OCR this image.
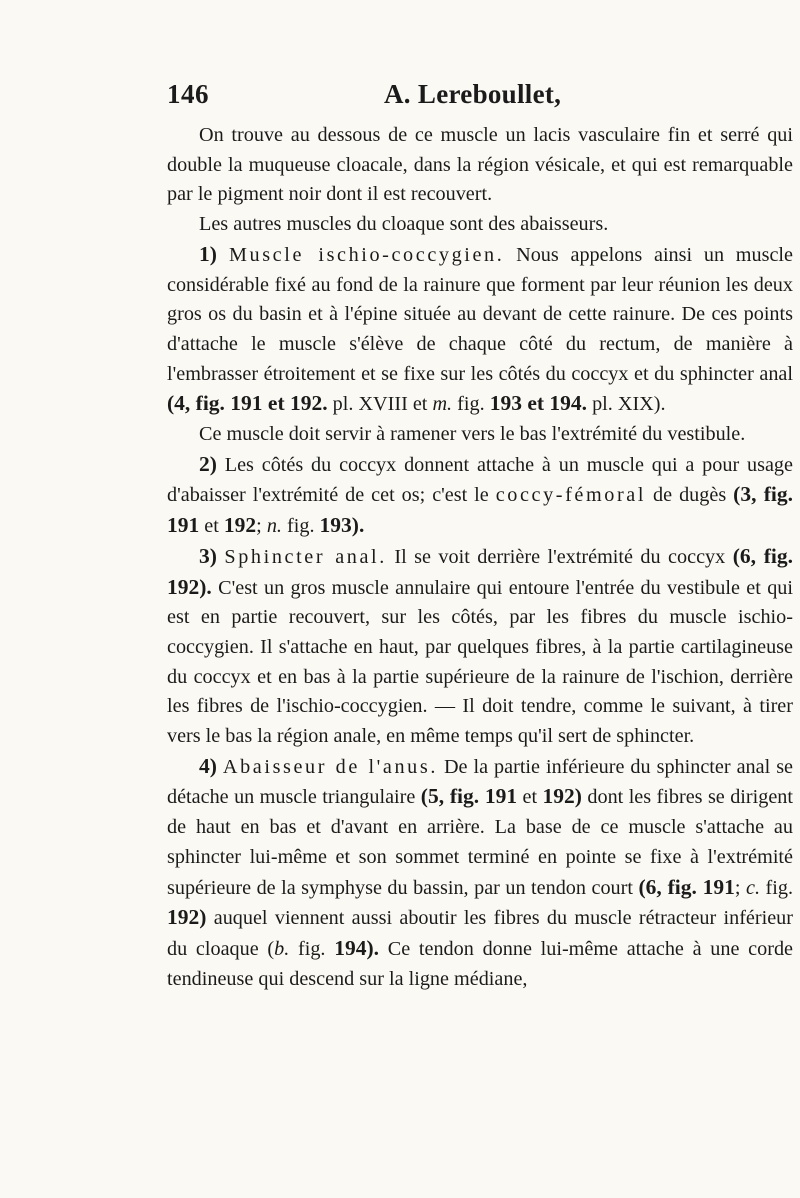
146	A. Lereboullet,

On trouve au dessous de ce muscle un lacis vasculaire fin et serré qui double la muqueuse cloacale, dans la région vésicale, et qui est remarquable par le pigment noir dont il est recouvert.

Les autres muscles du cloaque sont des abaisseurs.

1) Muscle ischio-coccygien. Nous appelons ainsi un muscle considérable fixé au fond de la rainure que forment par leur réunion les deux gros os du basin et à l'épine située au devant de cette rainure. De ces points d'attache le muscle s'élève de chaque côté du rectum, de manière à l'embrasser étroitement et se fixe sur les côtés du coccyx et du sphincter anal (4, fig. 191 et 192. pl. XVIII et m. fig. 193 et 194. pl. XIX).

Ce muscle doit servir à ramener vers le bas l'extrémité du vestibule.

2) Les côtés du coccyx donnent attache à un muscle qui a pour usage d'abaisser l'extrémité de cet os; c'est le coccy-fémoral de dugès (3, fig. 191 et 192; n. fig. 193).

3) Sphincter anal. Il se voit derrière l'extrémité du coccyx (6, fig. 192). C'est un gros muscle annulaire qui entoure l'entrée du vestibule et qui est en partie recouvert, sur les côtés, par les fibres du muscle ischio-coccygien. Il s'attache en haut, par quelques fibres, à la partie cartilagineuse du coccyx et en bas à la partie supérieure de la rainure de l'ischion, derrière les fibres de l'ischio-coccygien. — Il doit tendre, comme le suivant, à tirer vers le bas la région anale, en même temps qu'il sert de sphincter.

4) Abaisseur de l'anus. De la partie inférieure du sphincter anal se détache un muscle triangulaire (5, fig. 191 et 192) dont les fibres se dirigent de haut en bas et d'avant en arrière. La base de ce muscle s'attache au sphincter lui-même et son sommet terminé en pointe se fixe à l'extrémité supérieure de la symphyse du bassin, par un tendon court (6, fig. 191; c. fig. 192) auquel viennent aussi aboutir les fibres du muscle rétracteur inférieur du cloaque (b. fig. 194). Ce tendon donne lui-même attache à une corde tendineuse qui descend sur la ligne médiane,
